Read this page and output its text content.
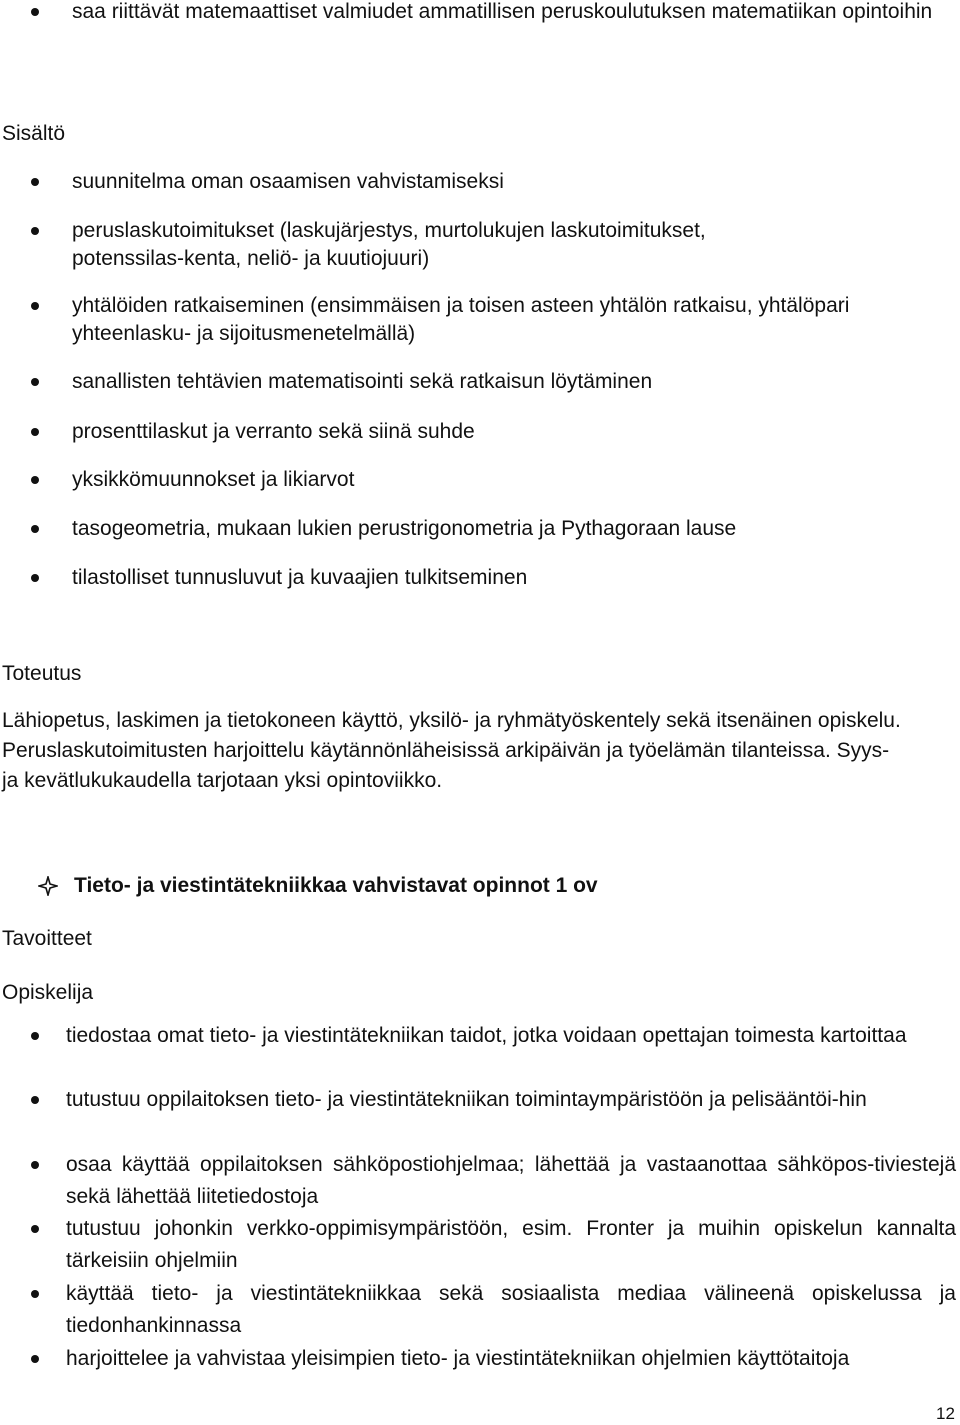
saa riittävät matemaattiset valmiudet ammatillisen peruskoulutuksen matematiikan opintoihin
Sisältö
suunnitelma oman osaamisen vahvistamiseksi
peruslaskutoimitukset (laskujärjestys, murtolukujen laskutoimitukset, potenssilas-kenta, neliö- ja kuutiojuuri)
yhtälöiden ratkaiseminen (ensimmäisen ja toisen asteen yhtälön ratkaisu, yhtälöpari yhteenlasku- ja sijoitusmenetelmällä)
sanallisten tehtävien matematisointi sekä ratkaisun löytäminen
prosenttilaskut ja verranto sekä siinä suhde
yksikkömuunnokset ja likiarvot
tasogeometria, mukaan lukien perustrigonometria ja Pythagoraan lause
tilastolliset tunnusluvut ja kuvaajien tulkitseminen
Toteutus

Lähiopetus, laskimen ja tietokoneen käyttö, yksilö- ja ryhmätyöskentely sekä itsenäinen opiskelu. Peruslaskutoimitusten harjoittelu käytännönläheisissä arkipäivän ja työelämän tilanteissa. Syys- ja kevätlukukaudella tarjotaan yksi opintoviikko.

Tieto- ja viestintätekniikkaa vahvistavat opinnot 1 ov
Tavoitteet
Opiskelija
tiedostaa omat tieto- ja viestintätekniikan taidot, jotka voidaan opettajan toimesta kartoittaa
tutustuu oppilaitoksen tieto- ja viestintätekniikan toimintaympäristöön ja pelisääntöi-hin
osaa käyttää oppilaitoksen sähköpostiohjelmaa; lähettää ja vastaanottaa sähköpos-tiviestejä sekä lähettää liitetiedostoja
tutustuu johonkin verkko-oppimisympäristöön, esim. Fronter ja muihin opiskelun kannalta tärkeisiin ohjelmiin
käyttää tieto- ja viestintätekniikkaa sekä sosiaalista mediaa välineenä opiskelussa ja tiedonhankinnassa
harjoittelee ja vahvistaa yleisimpien tieto- ja viestintätekniikan ohjelmien käyttötaitoja
12
